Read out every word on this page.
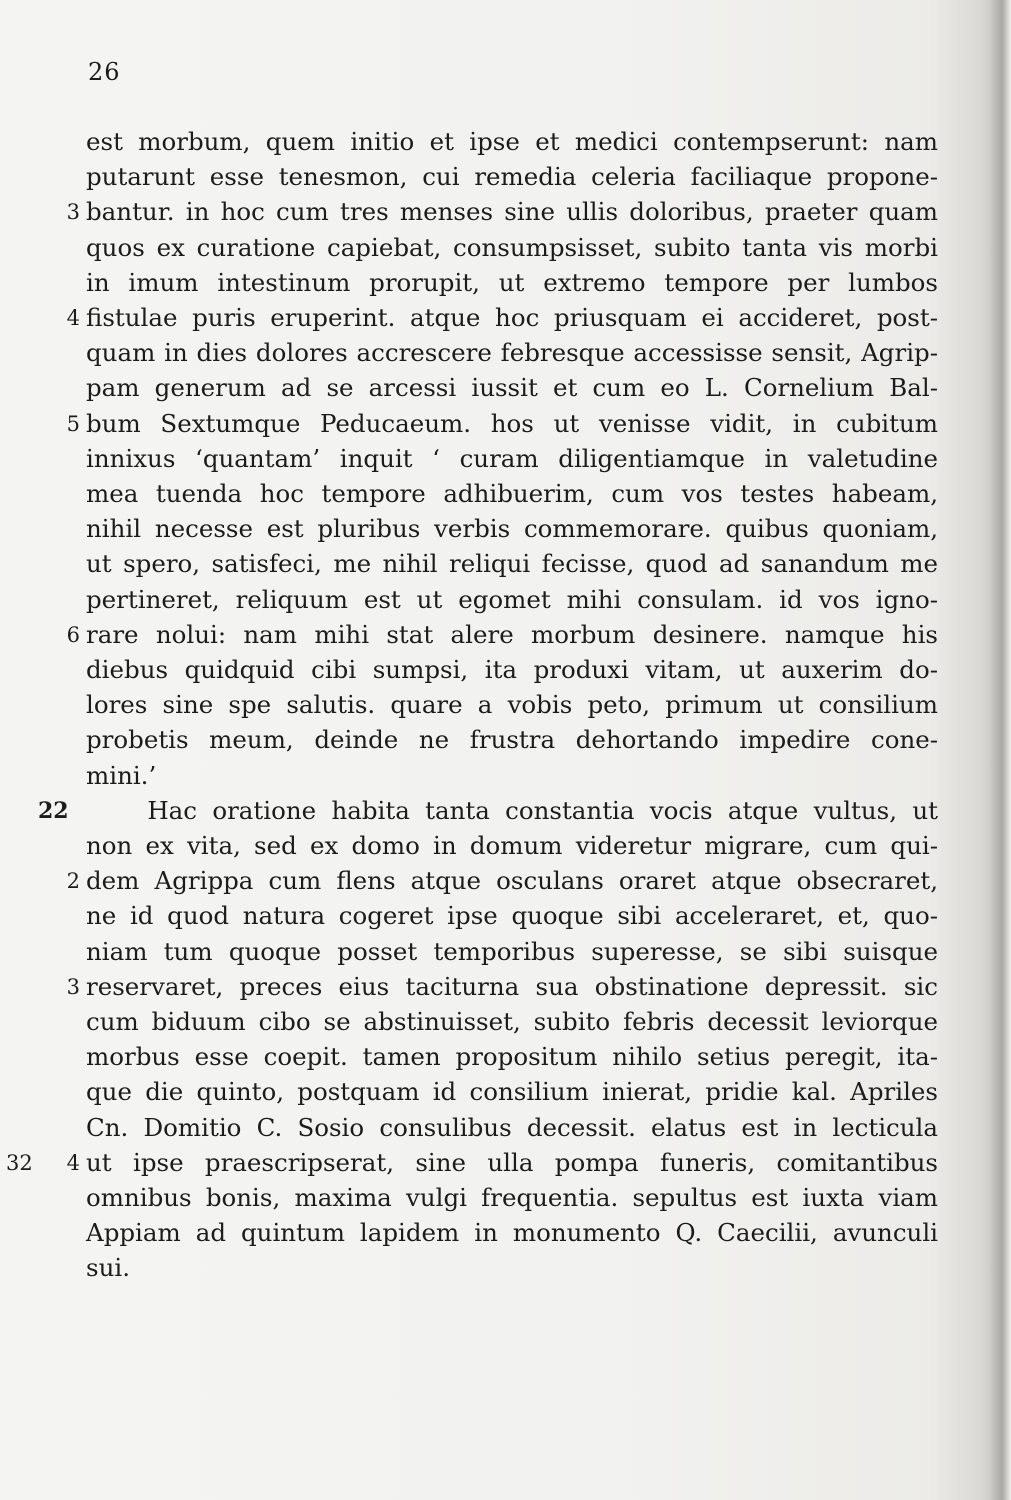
26
est morbum, quem initio et ipse et medici contempserunt: nam
putarunt esse tenesmon, cui remedia celeria faciliaque propone-
3 bantur. in hoc cum tres menses sine ullis doloribus, praeter quam
quos ex curatione capiebat, consumpsisset, subito tanta vis morbi
in imum intestinum prorupit, ut extremo tempore per lumbos
4 fistulae puris eruperint. atque hoc priusquam ei accideret, post-
quam in dies dolores accrescere febresque accessisse sensit, Agrip-
pam generum ad se arcessi iussit et cum eo L. Cornelium Bal-
5 bum Sextumque Peducaeum. hos ut venisse vidit, in cubitum
innixus ‘quantam’ inquit ‘ curam diligentiamque in valetudine
mea tuenda hoc tempore adhibuerim, cum vos testes habeam,
nihil necesse est pluribus verbis commemorare. quibus quoniam,
ut spero, satisfeci, me nihil reliqui fecisse, quod ad sanandum me
pertineret, reliquum est ut egomet mihi consulam. id vos igno-
6 rare nolui: nam mihi stat alere morbum desinere. namque his
diebus quidquid cibi sumpsi, ita produxi vitam, ut auxerim do-
lores sine spe salutis. quare a vobis peto, primum ut consilium
probetis meum, deinde ne frustra dehortando impedire cone-
mini.’
22 Hac oratione habita tanta constantia vocis atque vultus, ut
non ex vita, sed ex domo in domum videretur migrare, cum qui-
2 dem Agrippa cum flens atque osculans oraret atque obsecraret,
ne id quod natura cogeret ipse quoque sibi acceleraret, et, quo-
niam tum quoque posset temporibus superesse, se sibi suisque
3 reservaret, preces eius taciturna sua obstinatione depressit. sic
cum biduum cibo se abstinuisset, subito febris decessit leviorque
morbus esse coepit. tamen propositum nihilo setius peregit, ita-
que die quinto, postquam id consilium inierat, pridie kal. Apriles
Cn. Domitio C. Sosio consulibus decessit. elatus est in lecticula
32	4 ut ipse praescripserat, sine ulla pompa funeris, comitantibus
omnibus bonis, maxima vulgi frequentia. sepultus est iuxta viam
Appiam ad quintum lapidem in monumento Q. Caecilii, avunculi
sui.
